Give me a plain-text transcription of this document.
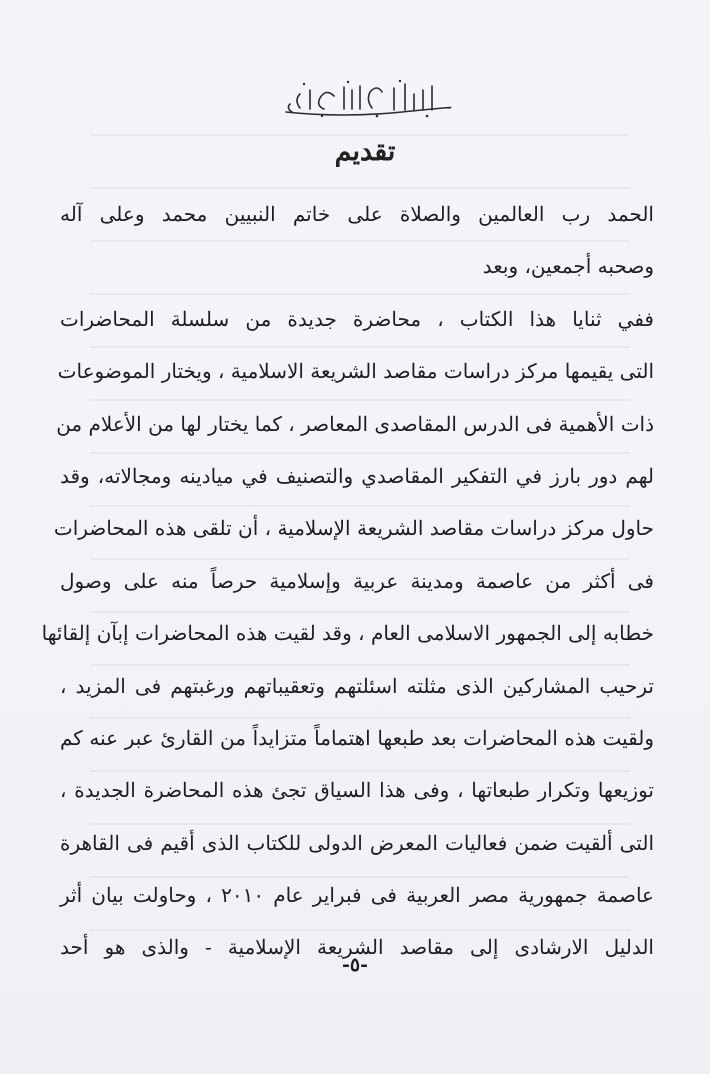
تقديم
الحمد رب العالمين والصلاة على خاتم النبيين محمد وعلى آله
وصحبه أجمعين، وبعد
ففي ثنايا هذا الكتاب ، محاضرة جديدة من سلسلة المحاضرات
التى يقيمها مركز دراسات مقاصد الشريعة الاسلامية ، ويختار الموضوعات
ذات الأهمية فى الدرس المقاصدى المعاصر ، كما يختار لها من الأعلام من
لهم دور بارز في التفكير المقاصدي والتصنيف في ميادينه ومجالاته، وقد
حاول مركز دراسات مقاصد الشريعة الإسلامية ، أن تلقى هذه المحاضرات
فى أكثر من عاصمة ومدينة عربية وإسلامية حرصاً منه على وصول
خطابه إلى الجمهور الاسلامى العام ، وقد لقيت هذه المحاضرات إبآن إلقائها
ترحيب المشاركين الذى مثلته اسئلتهم وتعقيباتهم ورغبتهم فى المزيد ،
ولقيت هذه المحاضرات بعد طبعها اهتماماً متزايداً من القارئ عبر عنه كم
توزيعها وتكرار طبعاتها ، وفى هذا السياق تجئ هذه المحاضرة الجديدة ،
التى ألقيت ضمن فعاليات المعرض الدولى للكتاب الذى أقيم فى القاهرة
عاصمة جمهورية مصر العربية فى فبراير عام ٢٠١٠ ، وحاولت بيان أثر
الدليل الارشادى إلى مقاصد الشريعة الإسلامية - والذى هو أحد
-٥-
